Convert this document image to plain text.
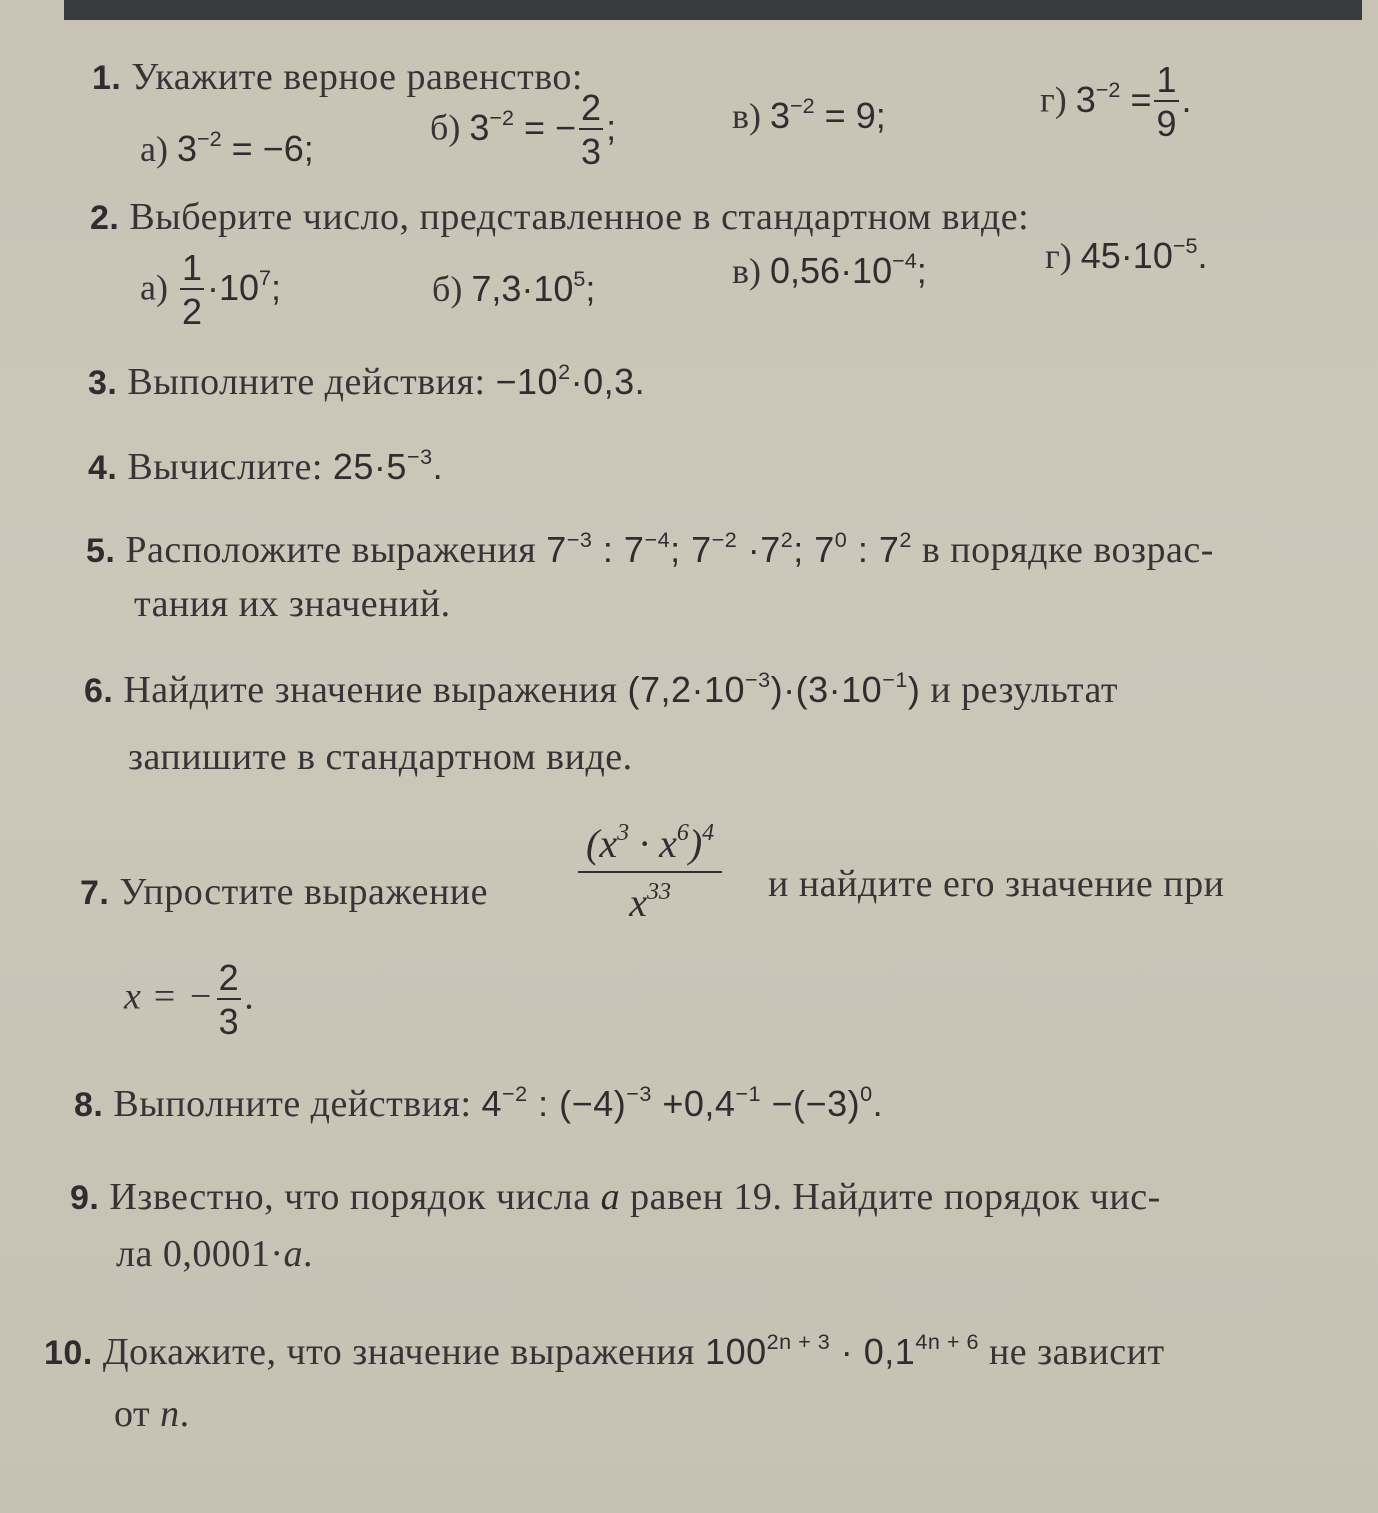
1. Укажите верное равенство:
а) $3^{-2} = -6$;
б) $3^{-2}$ = − $\frac{2}{3}$ ;	в) $3^{-2} = 9$;	г) $3^{-2} = \frac{1}{9}$ .
2. Выберите число, представленное в стандартном виде:
$а) \frac{1}{2} \cdot 10^7$;	б) $7,3\cdot 10^5$;	в) $0,56\cdot 10^{-4}$;	г) $45\cdot 10^{-5}$.
3. Выполните действия: $-10^2\cdot 0,3$.
4. Вычислите: $25\cdot 5^{-3}$.
5. Расположите выражения $7^{-3}$ : $7^{-4}$; $7^{-2} \cdot 7^2$; $7^0$ : $7^2$ в порядке возрас-
тания их значений.
6. Найдите значение выражения $(7,2\cdot 10^{-3})\cdot(3\cdot 10^{-1})$ и результат
запишите в стандартном виде.
7. Упростите выражение $\frac{(x^3 \cdot x^6)^4}{x^{33}}$ и найдите его значение при
x = − $\frac{2}{3}$ .
8. Выполните действия: $4^{-2}$ : $(-4)^{-3} +0,4^{-1} -(-3)^0$.
9. Известно, что порядок числа a равен 19. Найдите порядок чис-
ла 0,0001·a.
10. Докажите, что значение выражения $100^{2n + 3} \cdot 0,1^{4n + 6}$ не зависит
от n.
